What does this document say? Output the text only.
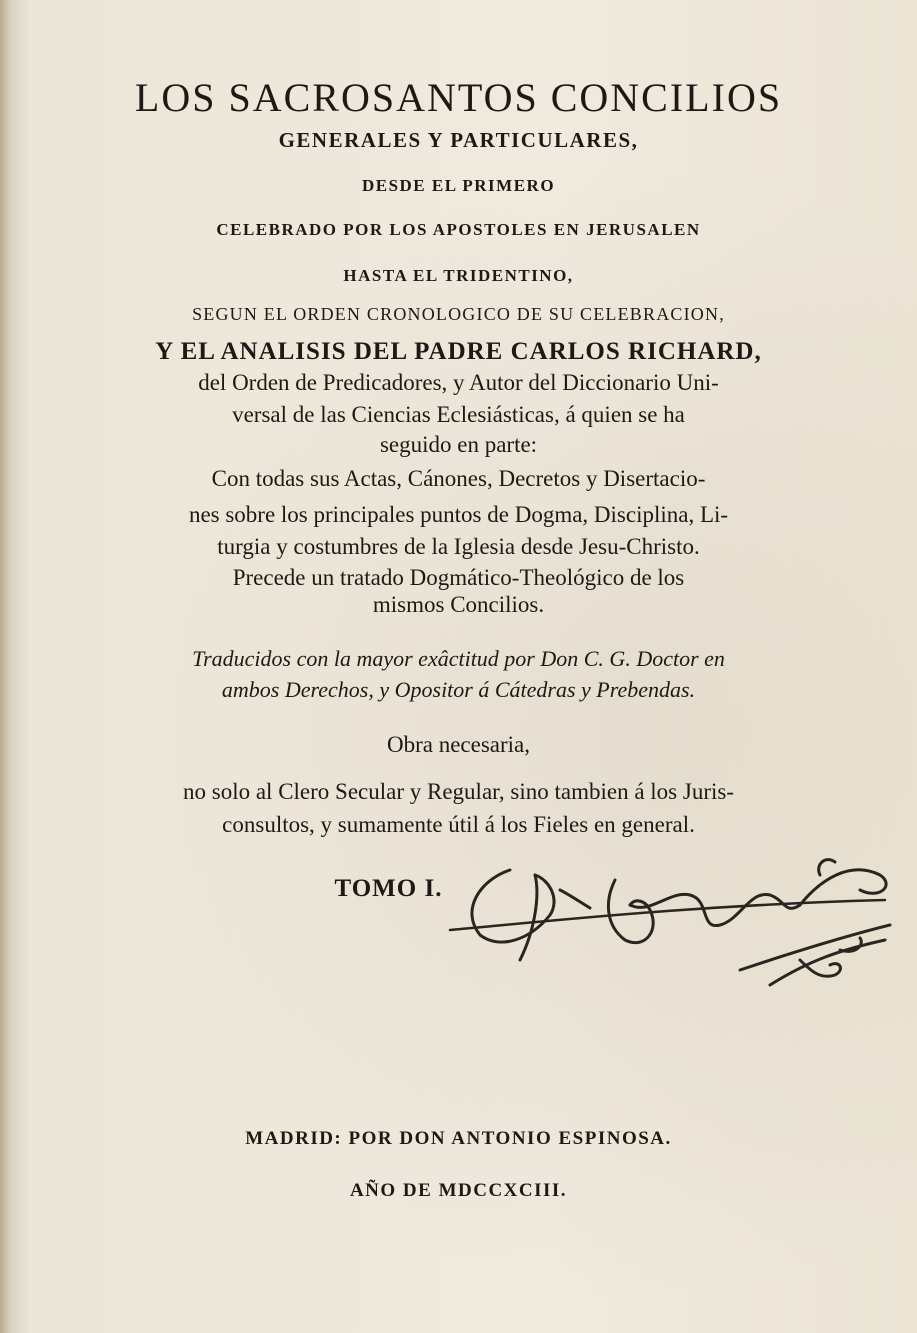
LOS SACROSANTOS CONCILIOS
GENERALES Y PARTICULARES,
DESDE EL PRIMERO
CELEBRADO POR LOS APOSTOLES EN JERUSALEN
HASTA EL TRIDENTINO,
SEGUN EL ORDEN CRONOLOGICO DE SU CELEBRACION,
Y EL ANALISIS DEL PADRE CARLOS RICHARD,
del Orden de Predicadores, y Autor del Diccionario Uni-
versal de las Ciencias Eclesiásticas, á quien se ha
seguido en parte:
Con todas sus Actas, Cánones, Decretos y Disertacio-
nes sobre los principales puntos de Dogma, Disciplina, Li-
turgia y costumbres de la Iglesia desde Jesu-Christo.
Precede un tratado Dogmático-Theológico de los
mismos Concilios.
Traducidos con la mayor exâctitud por Don C. G. Doctor en
ambos Derechos, y Opositor á Cátedras y Prebendas.
Obra necesaria,
no solo al Clero Secular y Regular, sino tambien á los Juris-
consultos, y sumamente útil á los Fieles en general.
TOMO I.
MADRID: POR DON ANTONIO ESPINOSA.
AÑO DE MDCCXCIII.
